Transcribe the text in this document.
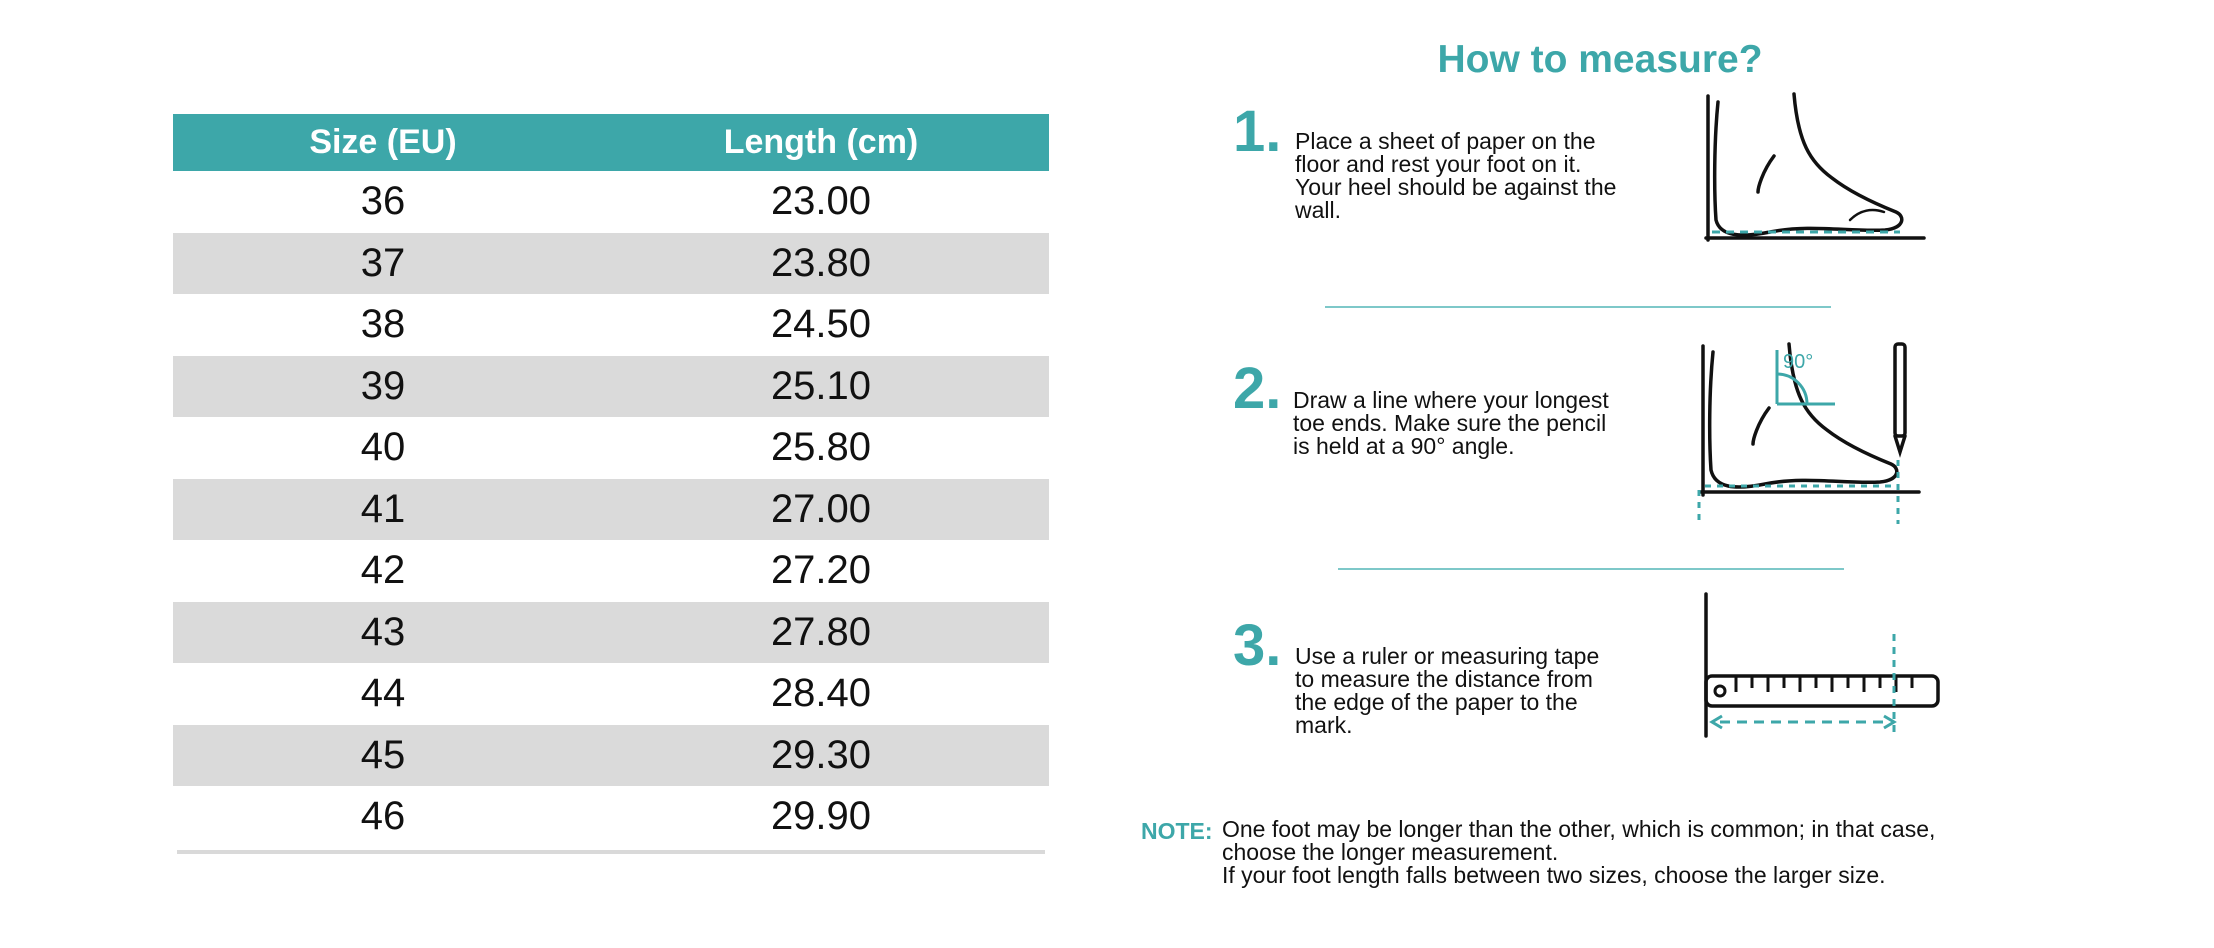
Size (EU)	Length (cm)
36	23.00
37	23.80
38	24.50
39	25.10
40	25.80
41	27.00
42	27.20
43	27.80
44	28.40
45	29.30
46	29.90
How to measure?
1. Place a sheet of paper on the
floor and rest your foot on it.
Your heel should be against the
wall.
2. Draw a line where your longest
toe ends. Make sure the pencil
is held at a 90° angle.
90°
3. Use a ruler or measuring tape
to measure the distance from
the edge of the paper to the
mark.
NOTE: One foot may be longer than the other, which is common; in that case,
choose the longer measurement.
If your foot length falls between two sizes, choose the larger size.
